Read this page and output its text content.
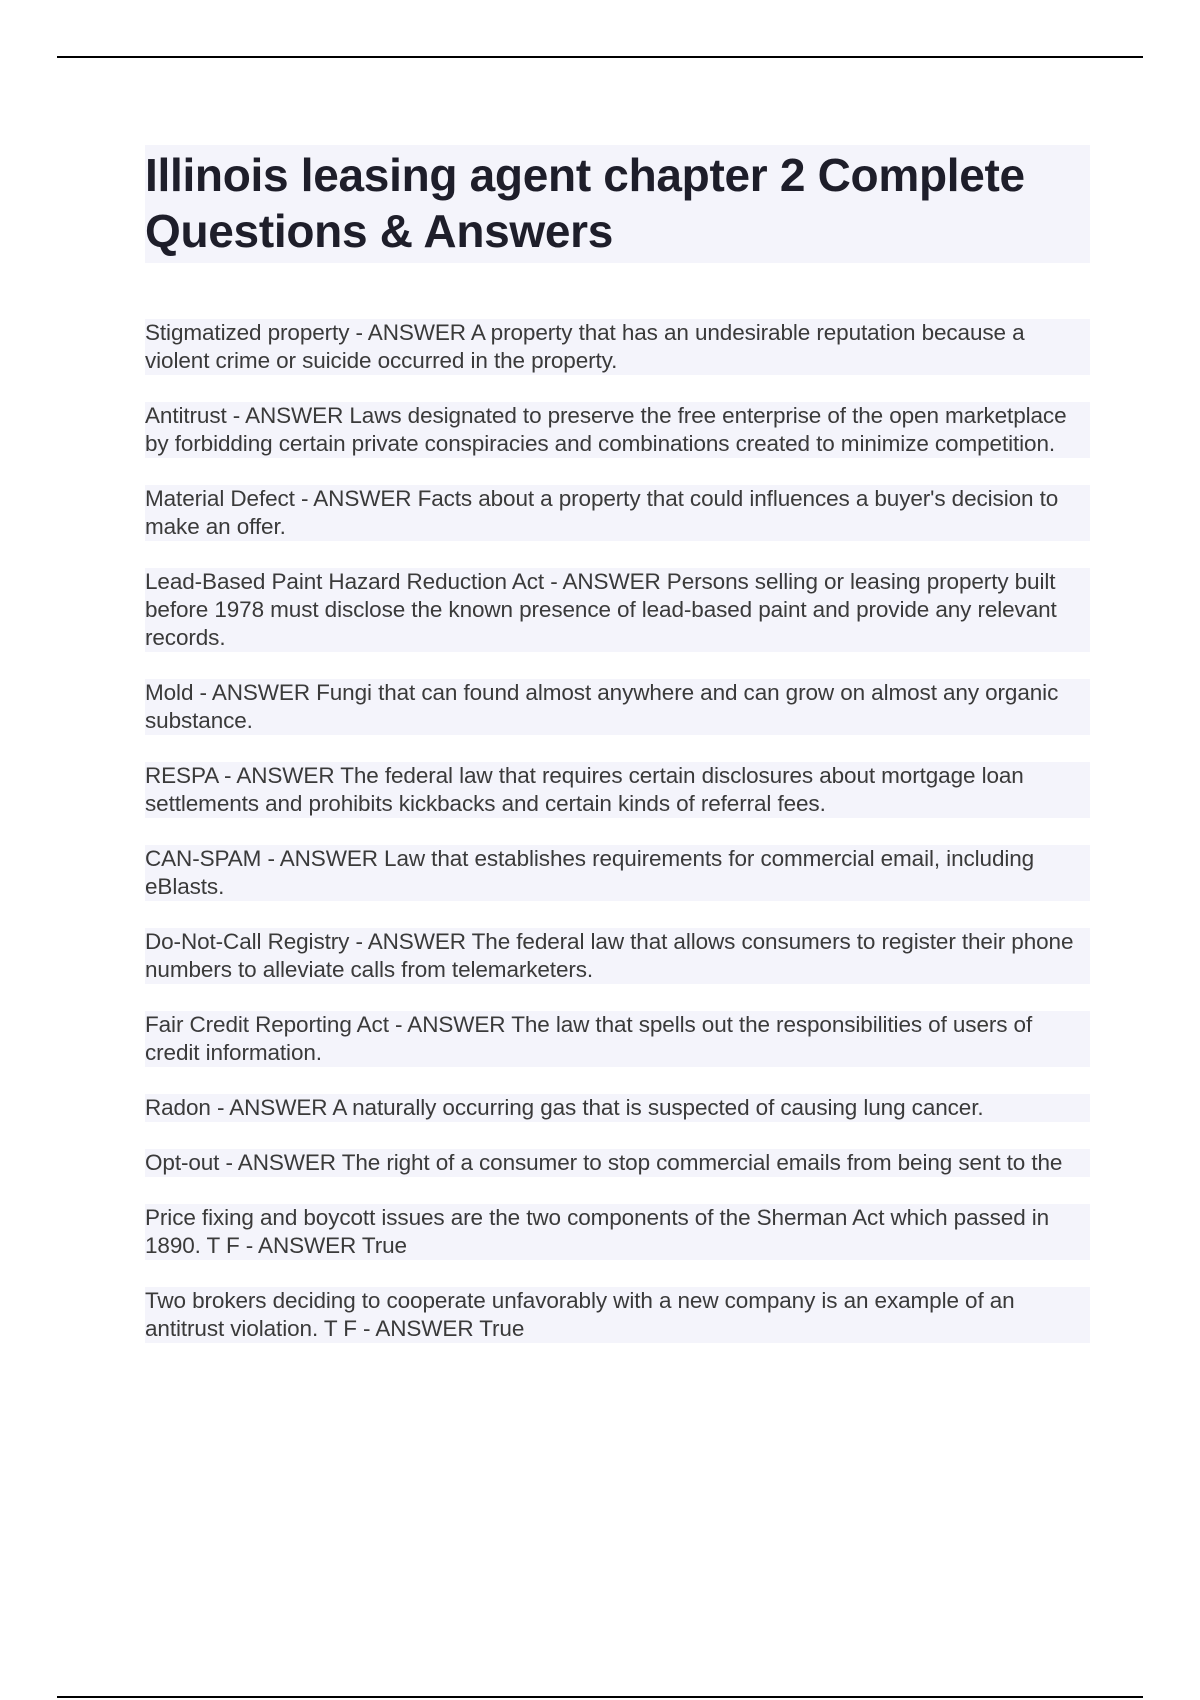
Illinois leasing agent chapter 2 Complete Questions & Answers
Stigmatized property - ANSWER A property that has an undesirable reputation because a violent crime or suicide occurred in the property.
Antitrust - ANSWER Laws designated to preserve the free enterprise of the open marketplace by forbidding certain private conspiracies and combinations created to minimize competition.
Material Defect - ANSWER Facts about a property that could influences a buyer's decision to make an offer.
Lead-Based Paint Hazard Reduction Act - ANSWER Persons selling or leasing property built before 1978 must disclose the known presence of lead-based paint and provide any relevant records.
Mold - ANSWER Fungi that can found almost anywhere and can grow on almost any organic substance.
RESPA - ANSWER The federal law that requires certain disclosures about mortgage loan settlements and prohibits kickbacks and certain kinds of referral fees.
CAN-SPAM - ANSWER Law that establishes requirements for commercial email, including eBlasts.
Do-Not-Call Registry - ANSWER The federal law that allows consumers to register their phone numbers to alleviate calls from telemarketers.
Fair Credit Reporting Act - ANSWER The law that spells out the responsibilities of users of credit information.
Radon - ANSWER A naturally occurring gas that is suspected of causing lung cancer.
Opt-out - ANSWER The right of a consumer to stop commercial emails from being sent to the
Price fixing and boycott issues are the two components of the Sherman Act which passed in 1890. T F - ANSWER True
Two brokers deciding to cooperate unfavorably with a new company is an example of an antitrust violation. T F - ANSWER True
